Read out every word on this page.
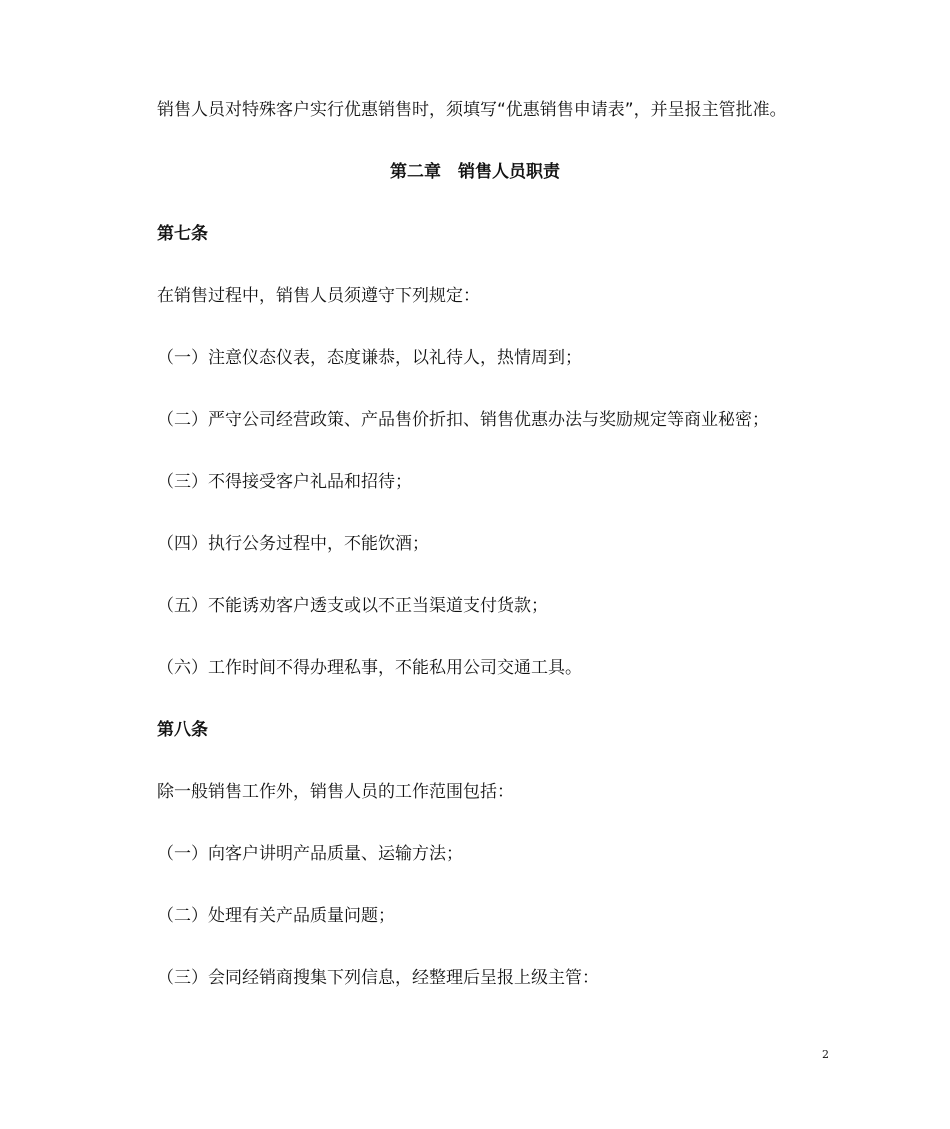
销售人员对特殊客户实行优惠销售时，须填写“优惠销售申请表”，并呈报主管批准。
第二章　销售人员职责
第七条
在销售过程中，销售人员须遵守下列规定：
（一）注意仪态仪表，态度谦恭，以礼待人，热情周到；
（二）严守公司经营政策、产品售价折扣、销售优惠办法与奖励规定等商业秘密；
（三）不得接受客户礼品和招待；
（四）执行公务过程中，不能饮酒；
（五）不能诱劝客户透支或以不正当渠道支付货款；
（六）工作时间不得办理私事，不能私用公司交通工具。
第八条
除一般销售工作外，销售人员的工作范围包括：
（一）向客户讲明产品质量、运输方法；
（二）处理有关产品质量问题；
（三）会同经销商搜集下列信息，经整理后呈报上级主管：
2
